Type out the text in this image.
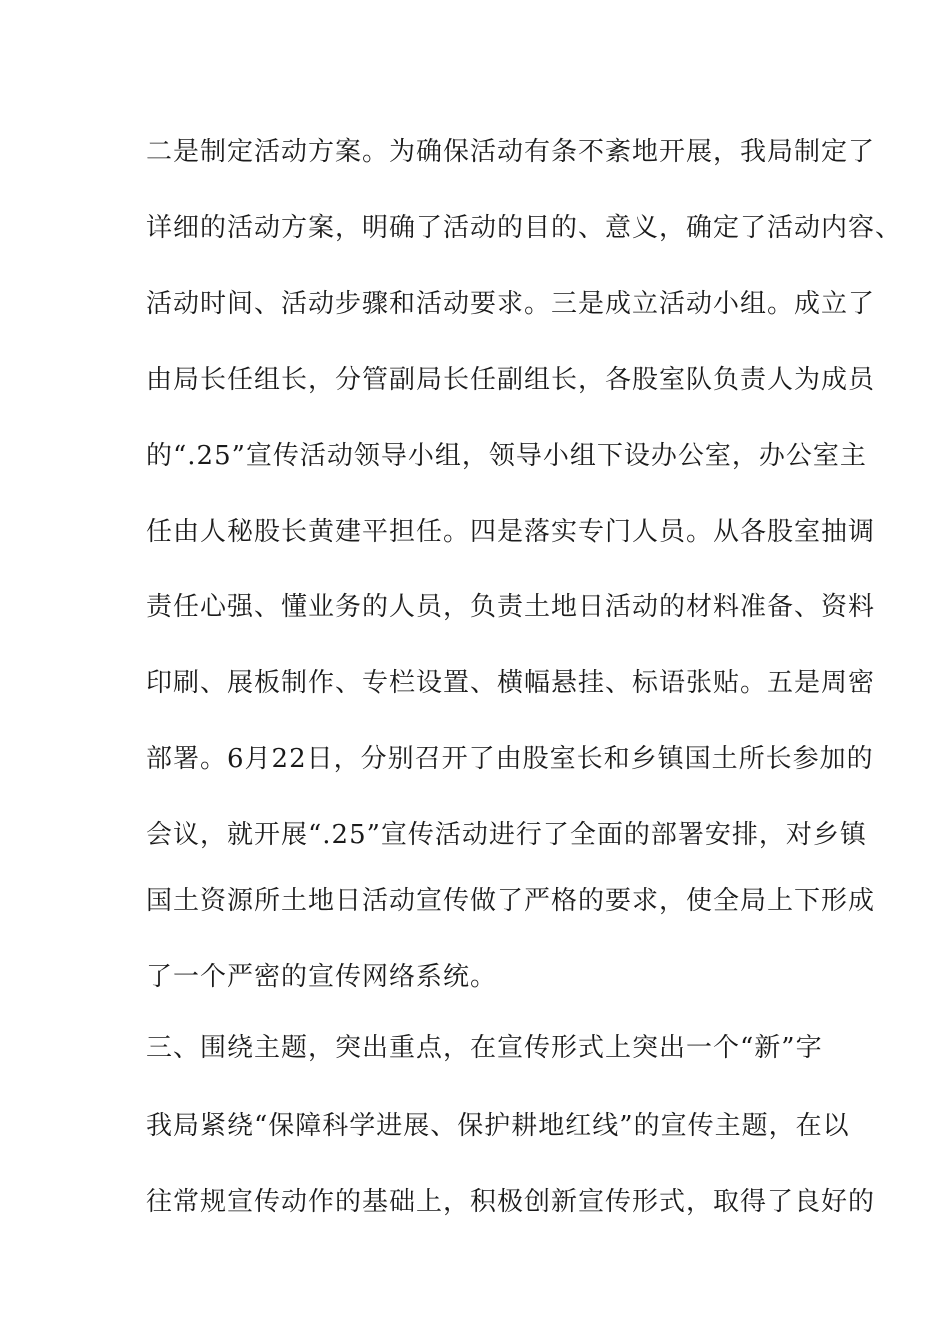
二是制定活动方案。为确保活动有条不紊地开展，我局制定了
详细的活动方案，明确了活动的目的、意义，确定了活动内容、
活动时间、活动步骤和活动要求。三是成立活动小组。成立了
由局长任组长，分管副局长任副组长，各股室队负责人为成员
的“.25”宣传活动领导小组，领导小组下设办公室，办公室主
任由人秘股长黄建平担任。四是落实专门人员。从各股室抽调
责任心强、懂业务的人员，负责土地日活动的材料准备、资料
印刷、展板制作、专栏设置、横幅悬挂、标语张贴。五是周密
部署。6月22日，分别召开了由股室长和乡镇国土所长参加的
会议，就开展“.25”宣传活动进行了全面的部署安排，对乡镇
国土资源所土地日活动宣传做了严格的要求，使全局上下形成
了一个严密的宣传网络系统。
三、围绕主题，突出重点，在宣传形式上突出一个“新”字
我局紧绕“保障科学进展、保护耕地红线”的宣传主题，在以
往常规宣传动作的基础上，积极创新宣传形式，取得了良好的
